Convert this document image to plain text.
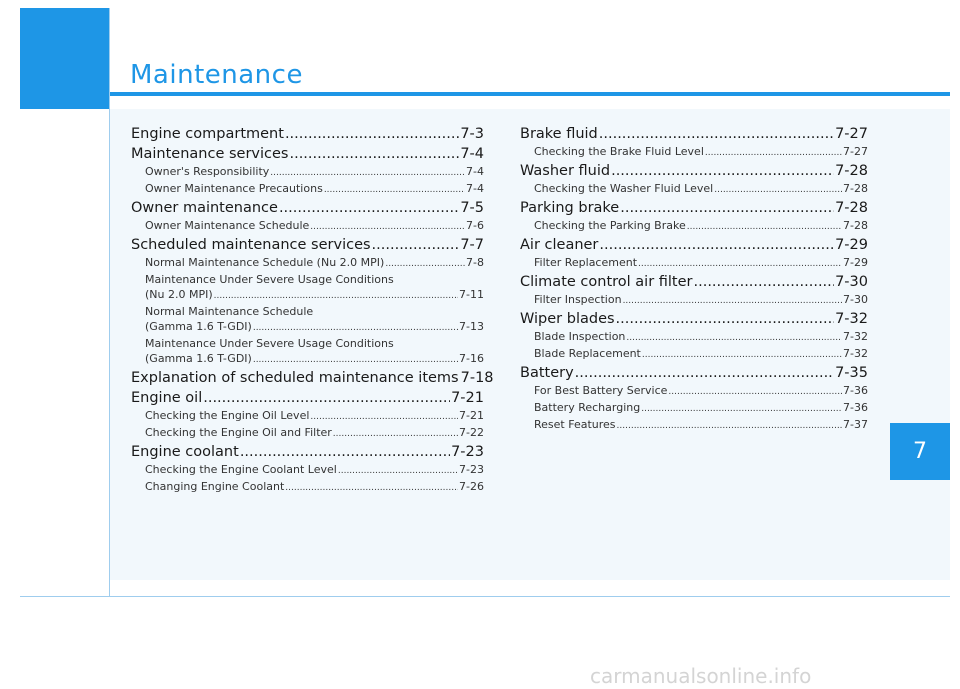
Maintenance
Engine compartment .....	7-3
Maintenance services .....	7-4
Owner's Responsibility .....	7-4
Owner Maintenance Precautions .....	7-4
Owner maintenance .....	7-5
Owner Maintenance Schedule .....	7-6
Scheduled maintenance services .....	7-7
Normal Maintenance Schedule (Nu 2.0 MPI) .....	7-8
Maintenance Under Severe Usage Conditions
(Nu 2.0 MPI) .....	7-11
Normal Maintenance Schedule
(Gamma 1.6 T-GDI) .....	7-13
Maintenance Under Severe Usage Conditions
(Gamma 1.6 T-GDI) .....	7-16
Explanation of scheduled maintenance items 7-18
Engine oil .....	7-21
Checking the Engine Oil Level .....	7-21
Checking the Engine Oil and Filter .....	7-22
Engine coolant .....	7-23
Checking the Engine Coolant Level .....	7-23
Changing Engine Coolant .....	7-26
Brake fluid .....	7-27
Checking the Brake Fluid Level .....	7-27
Washer fluid .....	7-28
Checking the Washer Fluid Level .....	7-28
Parking brake .....	7-28
Checking the Parking Brake .....	7-28
Air cleaner .....	7-29
Filter Replacement .....	7-29
Climate control air filter .....	7-30
Filter Inspection .....	7-30
Wiper blades .....	7-32
Blade Inspection .....	7-32
Blade Replacement .....	7-32
Battery .....	7-35
For Best Battery Service .....	7-36
Battery Recharging .....	7-36
Reset Features .....	7-37
7
carmanualsonline.info
